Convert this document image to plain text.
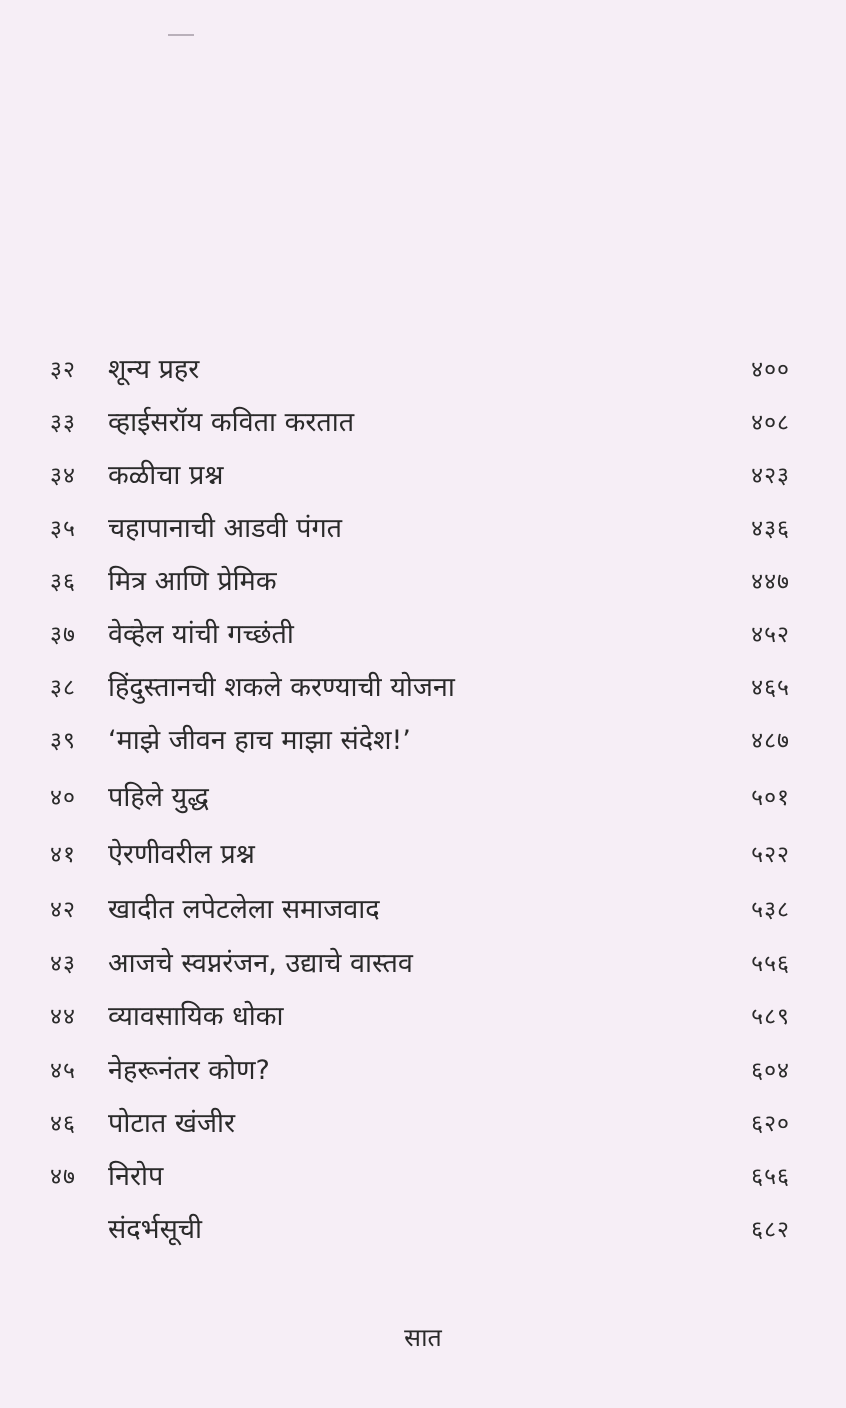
३२	शून्य प्रहर	४००
३३	व्हाईसरॉय कविता करतात	४०८
३४	कळीचा प्रश्न	४२३
३५	चहापानाची आडवी पंगत	४३६
३६	मित्र आणि प्रेमिक	४४७
३७	वेव्हेल यांची गच्छंती	४५२
३८	हिंदुस्तानची शकले करण्याची योजना	४६५
३९	‘माझे जीवन हाच माझा संदेश!’	४८७
४०	पहिले युद्ध	५०१
४१	ऐरणीवरील प्रश्न	५२२
४२	खादीत लपेटलेला समाजवाद	५३८
४३	आजचे स्वप्नरंजन, उद्याचे वास्तव	५५६
४४	व्यावसायिक धोका	५८९
४५	नेहरूनंतर कोण?	६०४
४६	पोटात खंजीर	६२०
४७	निरोप	६५६
संदर्भसूची	६८२
सात
